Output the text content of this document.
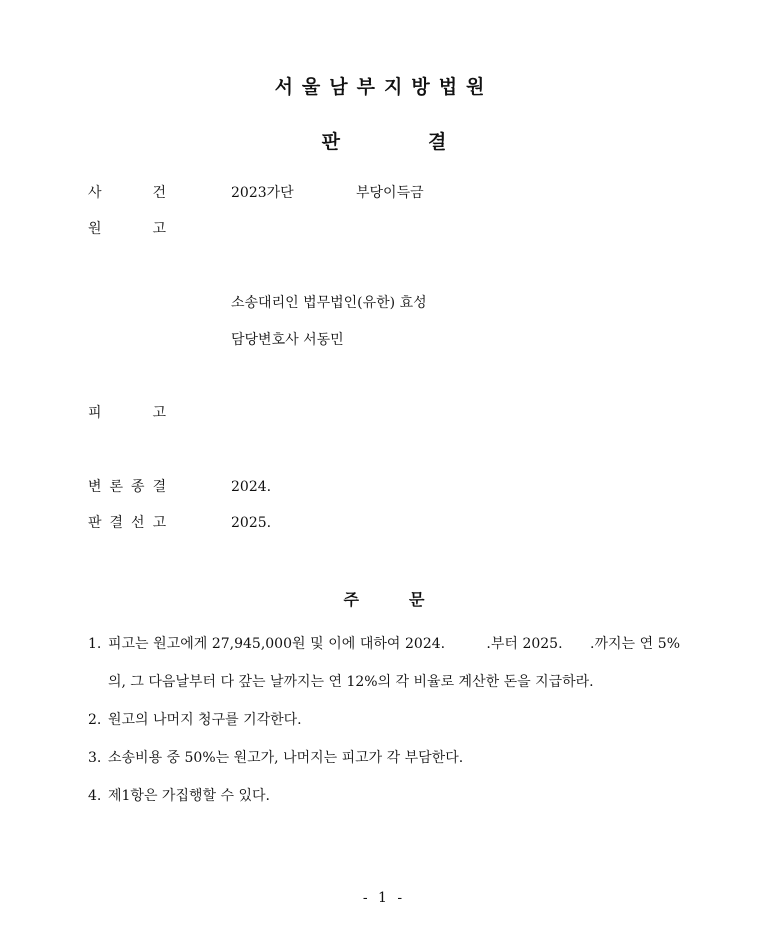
서울남부지방법원
판	결
사	건	2023가단	부당이득금
원	고
소송대리인 법무법인(유한) 효성
담당변호사 서동민
피	고
변론종결	2024.
판결선고	2025.
주	문
1. 피고는 원고에게 27,945,000원 및 이에 대하여 2024.         .부터 2025.      .까지는 연 5%의, 그 다음날부터 다 갚는 날까지는 연 12%의 각 비율로 계산한 돈을 지급하라.
2. 원고의 나머지 청구를 기각한다.
3. 소송비용 중 50%는 원고가, 나머지는 피고가 각 부담한다.
4. 제1항은 가집행할 수 있다.
- 1 -
